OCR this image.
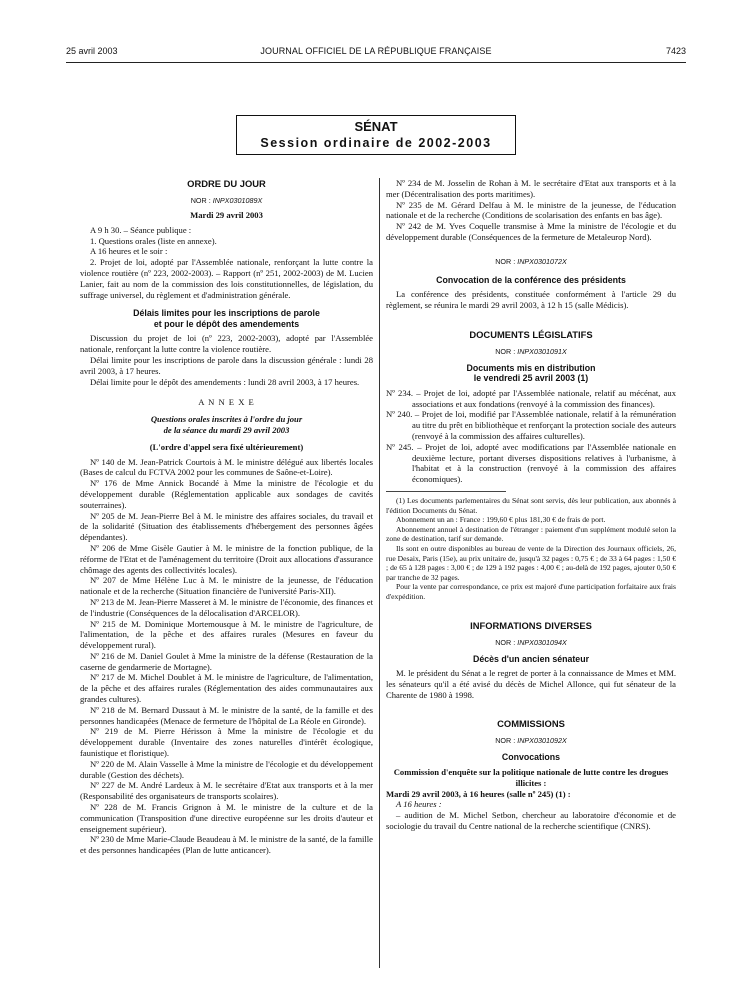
25 avril 2003	JOURNAL OFFICIEL DE LA RÉPUBLIQUE FRANÇAISE	7423
SÉNAT
Session ordinaire de 2002-2003

ORDRE DU JOUR

NOR : INPX0301089X

Mardi 29 avril 2003

A 9 h 30. – Séance publique :

1. Questions orales (liste en annexe).

A 16 heures et le soir :

2. Projet de loi, adopté par l'Assemblée nationale, renforçant la lutte contre la violence routière (nº 223, 2002-2003). – Rapport (nº 251, 2002-2003) de M. Lucien Lanier, fait au nom de la commission des lois constitutionnelles, de législation, du suffrage universel, du règlement et d'administration générale.

Délais limites pour les inscriptions de parole
et pour le dépôt des amendements

Discussion du projet de loi (nº 223, 2002-2003), adopté par l'Assemblée nationale, renforçant la lutte contre la violence routière.

Délai limite pour les inscriptions de parole dans la discussion générale : lundi 28 avril 2003, à 17 heures.

Délai limite pour le dépôt des amendements : lundi 28 avril 2003, à 17 heures.

A N N E X E

Questions orales inscrites à l'ordre du jour
de la séance du mardi 29 avril 2003

(L'ordre d'appel sera fixé ultérieurement)

Nº 140 de M. Jean-Patrick Courtois à M. le ministre délégué aux libertés locales (Bases de calcul du FCTVA 2002 pour les communes de Saône-et-Loire).

Nº 176 de Mme Annick Bocandé à Mme la ministre de l'écologie et du développement durable (Réglementation applicable aux sondages de cavités souterraines).

Nº 205 de M. Jean-Pierre Bel à M. le ministre des affaires sociales, du travail et de la solidarité (Situation des établissements d'hébergement des personnes âgées dépendantes).

Nº 206 de Mme Gisèle Gautier à M. le ministre de la fonction publique, de la réforme de l'Etat et de l'aménagement du territoire (Droit aux allocations d'assurance chômage des agents des collectivités locales).

Nº 207 de Mme Hélène Luc à M. le ministre de la jeunesse, de l'éducation nationale et de la recherche (Situation financière de l'université Paris-XII).

Nº 213 de M. Jean-Pierre Masseret à M. le ministre de l'économie, des finances et de l'industrie (Conséquences de la délocalisation d'ARCELOR).

Nº 215 de M. Dominique Mortemousque à M. le ministre de l'agriculture, de l'alimentation, de la pêche et des affaires rurales (Mesures en faveur du développement rural).

Nº 216 de M. Daniel Goulet à Mme la ministre de la défense (Restauration de la caserne de gendarmerie de Mortagne).

Nº 217 de M. Michel Doublet à M. le ministre de l'agriculture, de l'alimentation, de la pêche et des affaires rurales (Réglementation des aides communautaires aux grandes cultures).

Nº 218 de M. Bernard Dussaut à M. le ministre de la santé, de la famille et des personnes handicapées (Menace de fermeture de l'hôpital de La Réole en Gironde).

Nº 219 de M. Pierre Hérisson à Mme la ministre de l'écologie et du développement durable (Inventaire des zones naturelles d'intérêt écologique, faunistique et floristique).

Nº 220 de M. Alain Vasselle à Mme la ministre de l'écologie et du développement durable (Gestion des déchets).

Nº 227 de M. André Lardeux à M. le secrétaire d'Etat aux transports et à la mer (Responsabilité des organisateurs de transports scolaires).

Nº 228 de M. Francis Grignon à M. le ministre de la culture et de la communication (Transposition d'une directive européenne sur les droits d'auteur et enseignement supérieur).

Nº 230 de Mme Marie-Claude Beaudeau à M. le ministre de la santé, de la famille et des personnes handicapées (Plan de lutte anticancer).

Nº 234 de M. Josselin de Rohan à M. le secrétaire d'Etat aux transports et à la mer (Décentralisation des ports maritimes).

Nº 235 de M. Gérard Delfau à M. le ministre de la jeunesse, de l'éducation nationale et de la recherche (Conditions de scolarisation des enfants en bas âge).

Nº 242 de M. Yves Coquelle transmise à Mme la ministre de l'écologie et du développement durable (Conséquences de la fermeture de Metaleurop Nord).

NOR : INPX0301072X

Convocation de la conférence des présidents

La conférence des présidents, constituée conformément à l'article 29 du règlement, se réunira le mardi 29 avril 2003, à 12 h 15 (salle Médicis).

DOCUMENTS LÉGISLATIFS

NOR : INPX0301091X

Documents mis en distribution
le vendredi 25 avril 2003 (1)

Nº 234. – Projet de loi, adopté par l'Assemblée nationale, relatif au mécénat, aux associations et aux fondations (renvoyé à la commission des finances).

Nº 240. – Projet de loi, modifié par l'Assemblée nationale, relatif à la rémunération au titre du prêt en bibliothèque et renforçant la protection sociale des auteurs (renvoyé à la commission des affaires culturelles).

Nº 245. – Projet de loi, adopté avec modifications par l'Assemblée nationale en deuxième lecture, portant diverses dispositions relatives à l'urbanisme, à l'habitat et à la construction (renvoyé à la commission des affaires économiques).

(1) Les documents parlementaires du Sénat sont servis, dès leur publication, aux abonnés à l'édition Documents du Sénat.

Abonnement un an : France : 199,60 € plus 181,30 € de frais de port.

Abonnement annuel à destination de l'étranger : paiement d'un supplément modulé selon la zone de destination, tarif sur demande.

Ils sont en outre disponibles au bureau de vente de la Direction des Journaux officiels, 26, rue Desaix, Paris (15e), au prix unitaire de, jusqu'à 32 pages : 0,75 € ; de 33 à 64 pages : 1,50 € ; de 65 à 128 pages : 3,00 € ; de 129 à 192 pages : 4,00 € ; au-delà de 192 pages, ajouter 0,50 € par tranche de 32 pages.

Pour la vente par correspondance, ce prix est majoré d'une participation forfaitaire aux frais d'expédition.

INFORMATIONS DIVERSES

NOR : INPX0301094X

Décès d'un ancien sénateur

M. le président du Sénat a le regret de porter à la connaissance de Mmes et MM. les sénateurs qu'il a été avisé du décès de Michel Allonce, qui fut sénateur de la Charente de 1980 à 1998.

COMMISSIONS

NOR : INPX0301092X

Convocations

Commission d'enquête sur la politique nationale de lutte contre les drogues illicites :

Mardi 29 avril 2003, à 16 heures (salle nº 245) (1) :

A 16 heures :

– audition de M. Michel Setbon, chercheur au laboratoire d'économie et de sociologie du travail du Centre national de la recherche scientifique (CNRS).
